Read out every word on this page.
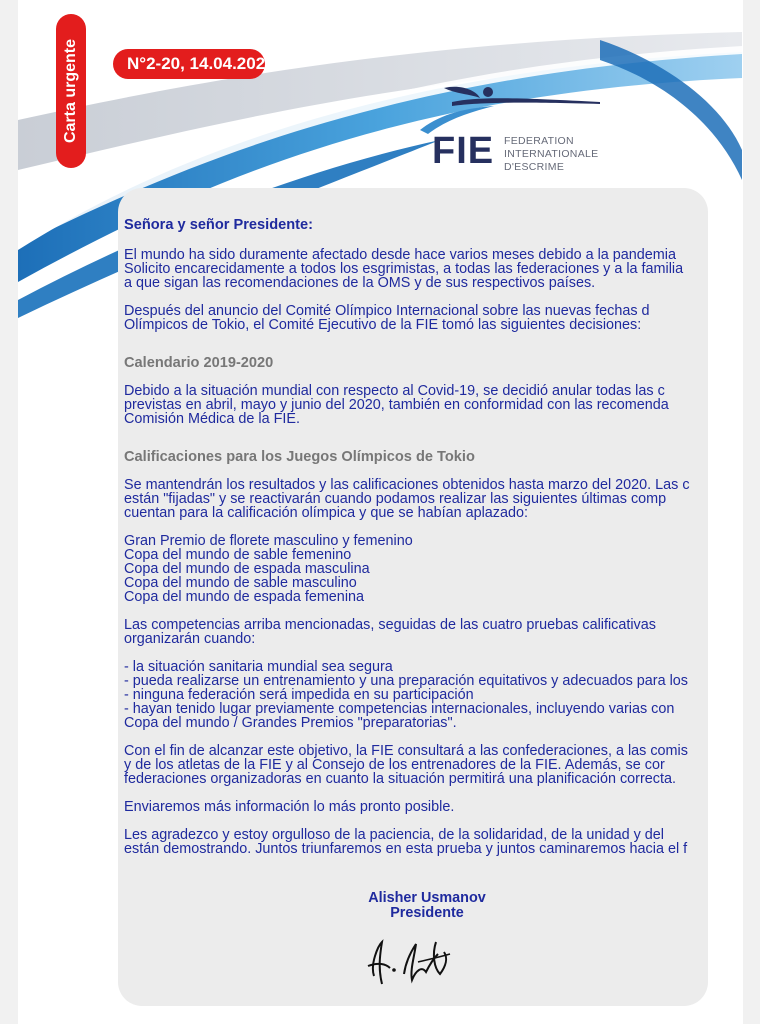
Carta urgente	N°2-20, 14.04.202
FIE FEDERATION
INTERNATIONALE
D'ESCRIME

Señora y señor Presidente:

El mundo ha sido duramente afectado desde hace varios meses debido a la pandemia

Solicito encarecidamente a todos los esgrimistas, a todas las federaciones y a la familia

a que sigan las recomendaciones de la OMS y de sus respectivos países.

Después del anuncio del Comité Olímpico Internacional sobre las nuevas fechas d

Olímpicos de Tokio, el Comité Ejecutivo de la FIE tomó las siguientes decisiones:

Calendario 2019-2020

Debido a la situación mundial con respecto al Covid-19, se decidió anular todas las c

previstas en abril, mayo y junio del 2020, también en conformidad con las recomenda

Comisión Médica de la FIE.

Calificaciones para los Juegos Olímpicos de Tokio

Se mantendrán los resultados y las calificaciones obtenidos hasta marzo del 2020. Las c

están "fijadas" y se reactivarán cuando podamos realizar las siguientes últimas comp

cuentan para la calificación olímpica y que se habían aplazado:

Gran Premio de florete masculino y femenino

Copa del mundo de sable femenino

Copa del mundo de espada masculina

Copa del mundo de sable masculino

Copa del mundo de espada femenina

Las competencias arriba mencionadas, seguidas de las cuatro pruebas calificativas

organizarán cuando:

- la situación sanitaria mundial sea segura

- pueda realizarse un entrenamiento y una preparación equitativos y adecuados para los

- ninguna federación será impedida en su participación

- hayan tenido lugar previamente competencias internacionales, incluyendo varias con

Copa del mundo / Grandes Premios "preparatorias".

Con el fin de alcanzar este objetivo, la FIE consultará a las confederaciones, a las comis

y de los atletas de la FIE y al Consejo de los entrenadores de la FIE. Además, se cor

federaciones organizadoras en cuanto la situación permitirá una planificación correcta.

Enviaremos más información lo más pronto posible.

Les agradezco y estoy orgulloso de la paciencia, de la solidaridad, de la unidad y del

están demostrando. Juntos triunfaremos en esta prueba y juntos caminaremos hacia el f

Alisher Usmanov
Presidente
